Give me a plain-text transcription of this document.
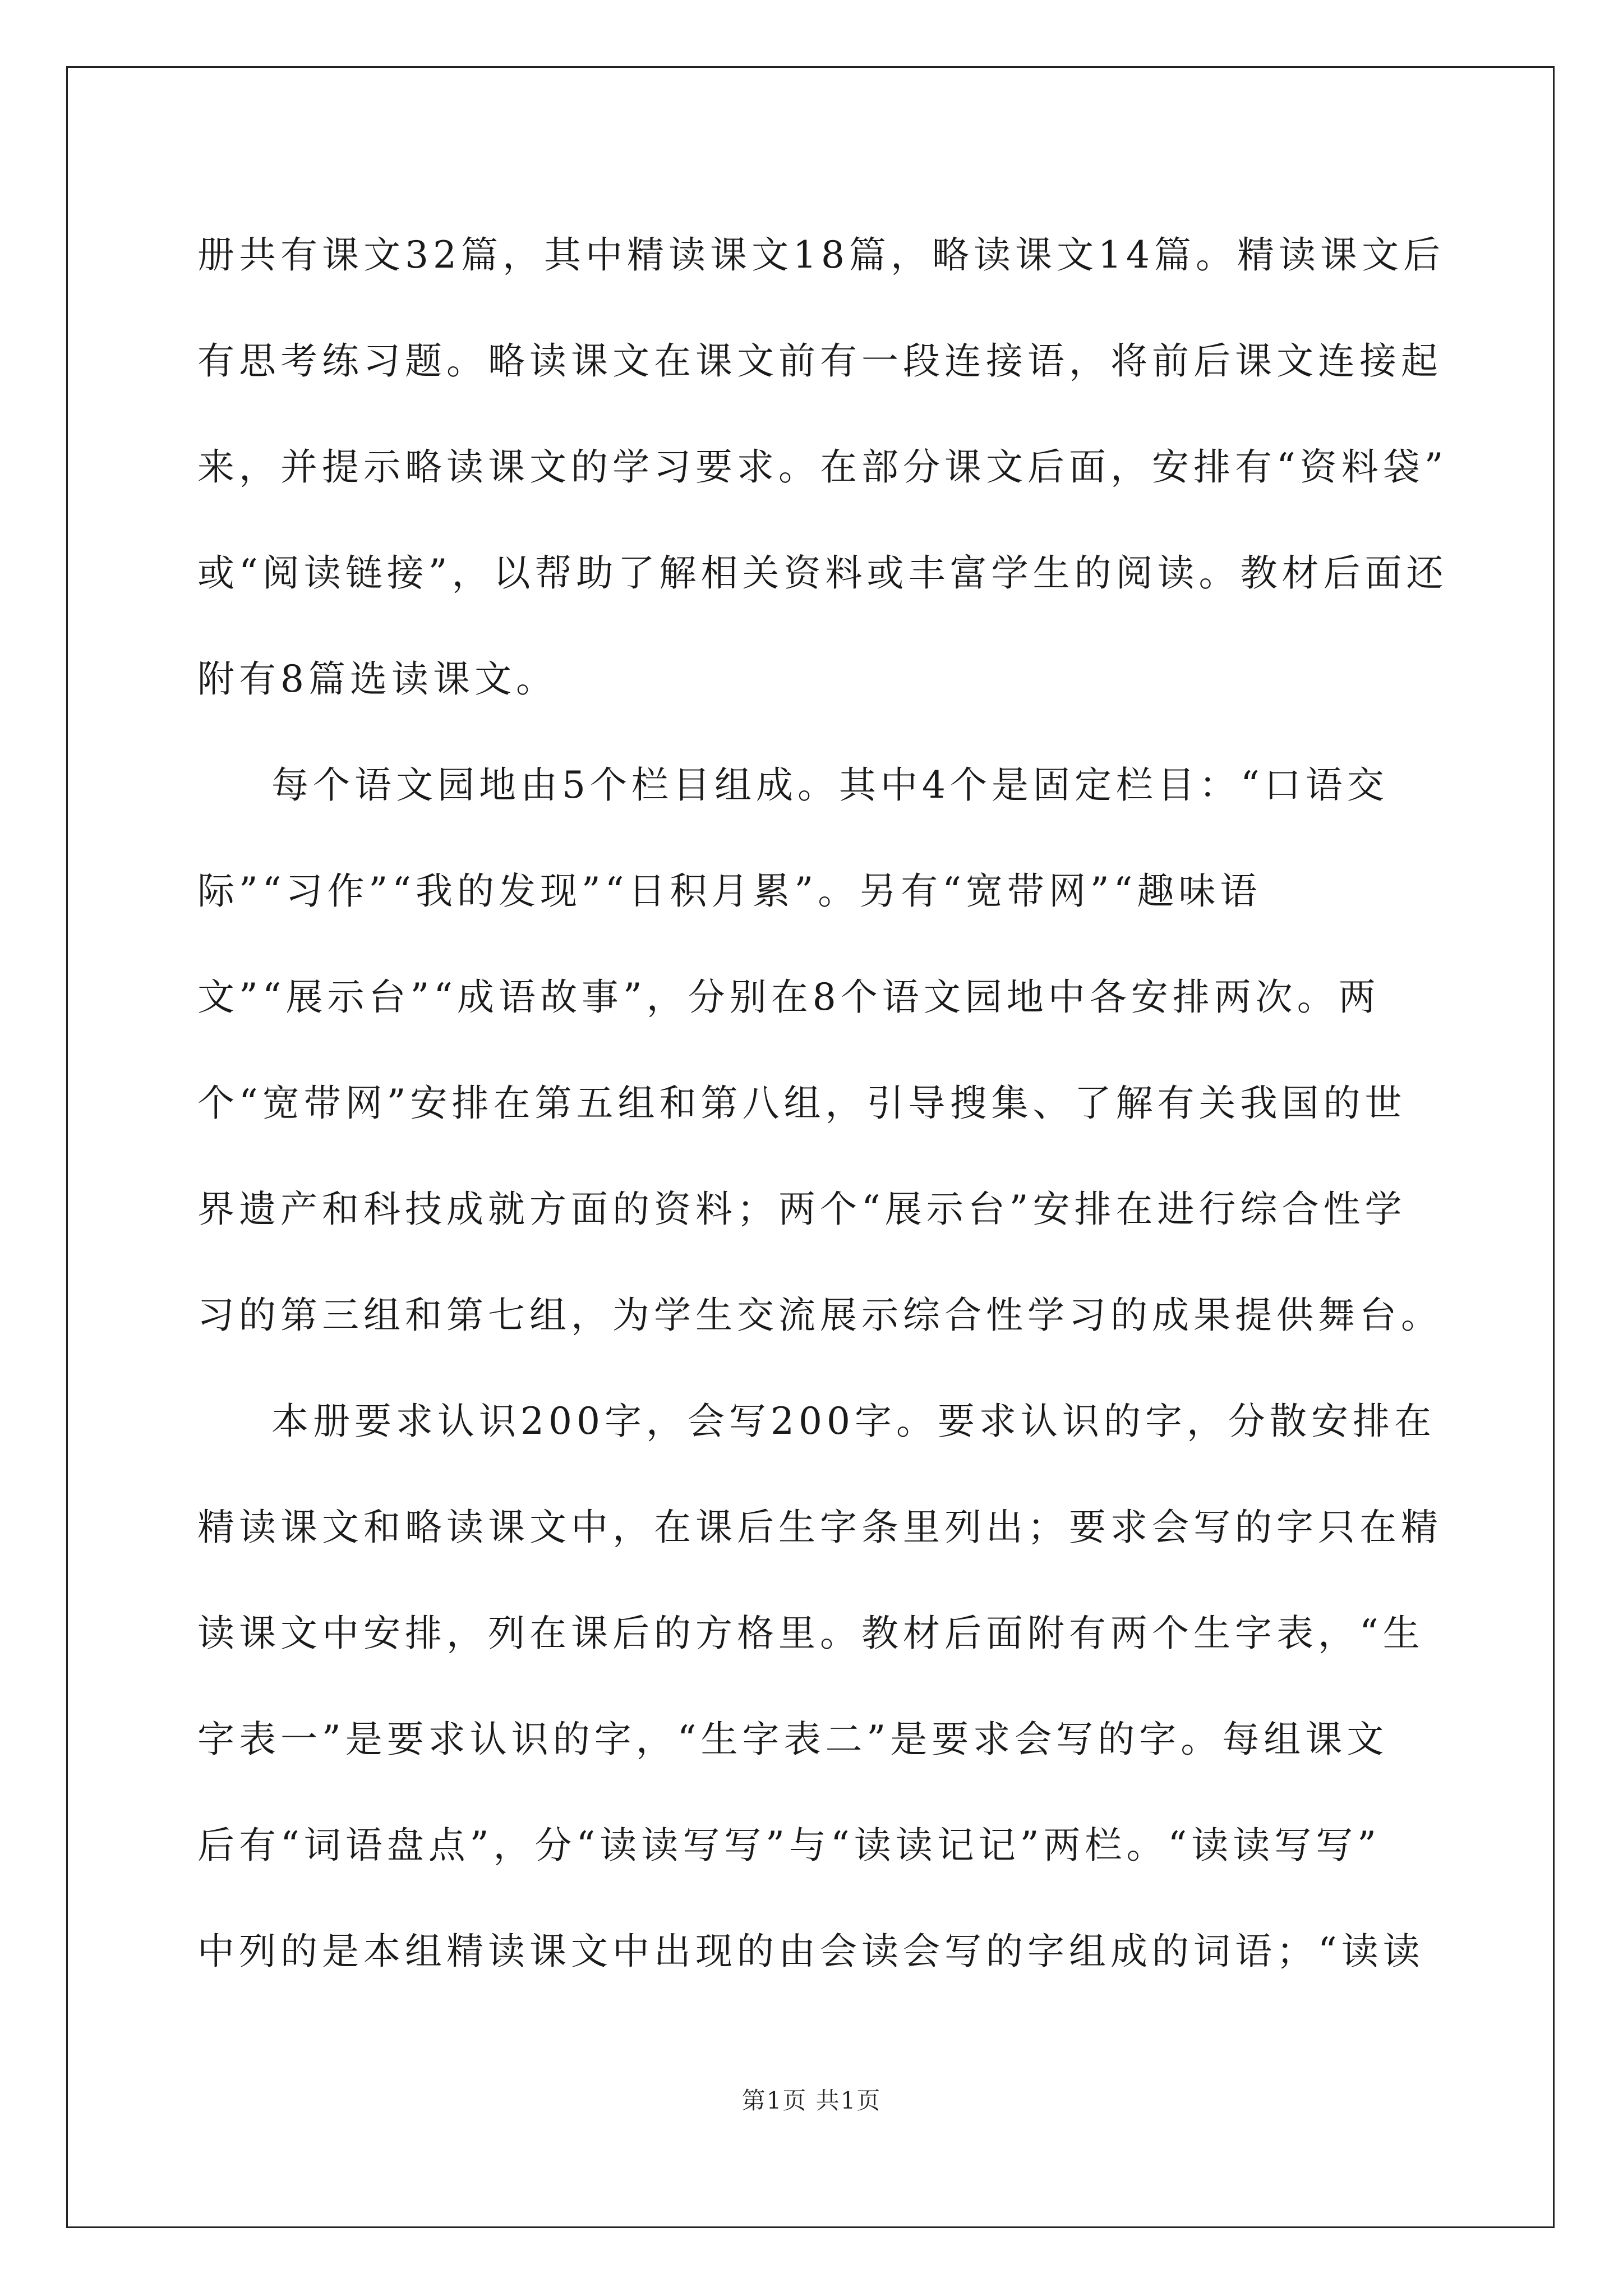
册共有课文32篇，其中精读课文18篇，略读课文14篇。精读课文后
有思考练习题。略读课文在课文前有一段连接语，将前后课文连接起
来，并提示略读课文的学习要求。在部分课文后面，安排有“资料袋”
或“阅读链接”，以帮助了解相关资料或丰富学生的阅读。教材后面还
附有8篇选读课文。
每个语文园地由5个栏目组成。其中4个是固定栏目：“口语交
际”“习作”“我的发现”“日积月累”。另有“宽带网”“趣味语
文”“展示台”“成语故事”，分别在8个语文园地中各安排两次。两
个“宽带网”安排在第五组和第八组，引导搜集、了解有关我国的世
界遗产和科技成就方面的资料；两个“展示台”安排在进行综合性学
习的第三组和第七组，为学生交流展示综合性学习的成果提供舞台。
本册要求认识200字，会写200字。要求认识的字，分散安排在
精读课文和略读课文中，在课后生字条里列出；要求会写的字只在精
读课文中安排，列在课后的方格里。教材后面附有两个生字表，“生
字表一”是要求认识的字，“生字表二”是要求会写的字。每组课文
后有“词语盘点”，分“读读写写”与“读读记记”两栏。“读读写写”
中列的是本组精读课文中出现的由会读会写的字组成的词语；“读读
第1页 共1页
